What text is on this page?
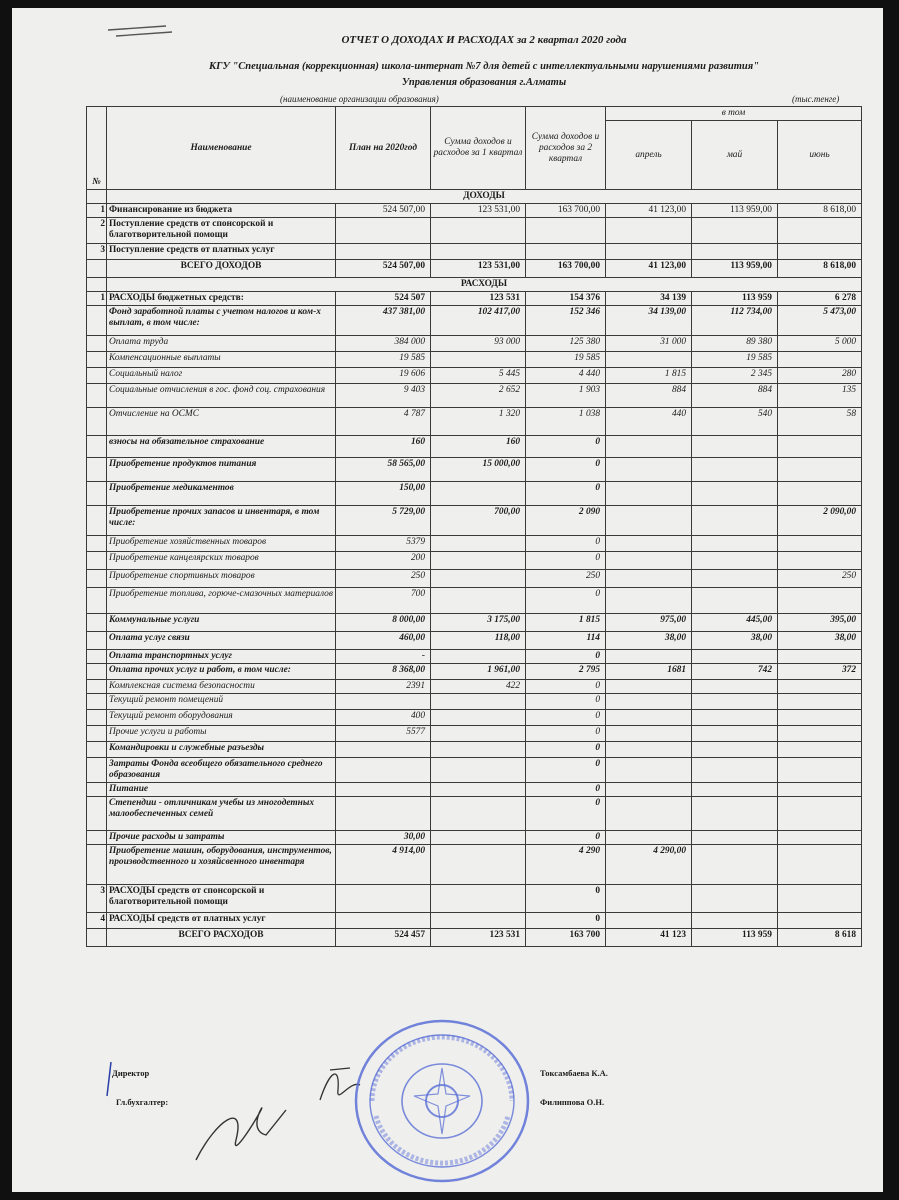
ОТЧЕТ О ДОХОДАХ И РАСХОДАХ за 2 квартал 2020 года
КГУ "Специальная (коррекционная) школа-интернат №7 для детей с интеллектуальными нарушениями развития"
Управления образования г.Алматы
(наименование организации образования)	(тыс.тенге)
№	Наименование	План на 2020год	Сумма доходов и расходов за 1 квартал	Сумма доходов и расходов за 2 квартал	в том		
					апрель	май	июнь
	ДОХОДЫ						
1	Финансирование из бюджета	524 507,00	123 531,00	163 700,00	41 123,00	113 959,00	8 618,00
2	Поступление средств от спонсорской и благотворительной помощи						
3	Поступление средств от платных услуг						
	ВСЕГО ДОХОДОВ	524 507,00	123 531,00	163 700,00	41 123,00	113 959,00	8 618,00
	РАСХОДЫ						
1	РАСХОДЫ бюджетных средств:	524 507	123 531	154 376	34 139	113 959	6 278
	Фонд заработной платы с учетом налогов и ком-х выплат, в том числе:	437 381,00	102 417,00	152 346	34 139,00	112 734,00	5 473,00
	Оплата труда	384 000	93 000	125 380	31 000	89 380	5 000
	Компенсационные выплаты	19 585		19 585		19 585	
	Социальный налог	19 606	5 445	4 440	1 815	2 345	280
	Социальные отчисления в гос. фонд соц. страхования	9 403	2 652	1 903	884	884	135
	Отчисление на ОСМС	4 787	1 320	1 038	440	540	58
	взносы на обязательное страхование	160	160	0			
	Приобретение продуктов питания	58 565,00	15 000,00	0			
	Приобретение медикаментов	150,00		0			
	Приобретение прочих запасов и инвентаря, в том числе:	5 729,00	700,00	2 090			2 090,00
	Приобретение хозяйственных товаров	5379		0			
	Приобретение канцелярских товаров	200		0			
	Приобретение спортивных товаров	250		250			250
	Приобретение топлива, горюче-смазочных материалов	700		0			
	Коммунальные услуги	8 000,00	3 175,00	1 815	975,00	445,00	395,00
	Оплата услуг связи	460,00	118,00	114	38,00	38,00	38,00
	Оплата транспортных услуг	-		0			
	Оплата прочих услуг и работ, в том числе:	8 368,00	1 961,00	2 795	1681	742	372
	Комплексная система безопасности	2391	422	0			
	Текущий ремонт помещений			0			
	Текущий ремонт оборудования	400		0			
	Прочие услуги и работы	5577		0			
	Командировки и служебные разъезды			0			
	Затраты Фонда всеобщего обязательного среднего образования			0			
	Питание			0			
	Степендии - отличникам учебы из многодетных малообеспеченных семей			0			
	Прочие расходы и затраты	30,00		0			
	Приобретение машин, оборудования, инструментов, производственного и хозяйсвенного инвентаря	4 914,00		4 290	4 290,00		
3	РАСХОДЫ средств от спонсорской и благотворительной помощи			0			
4	РАСХОДЫ средств от платных услуг			0			
	ВСЕГО РАСХОДОВ	524 457	123 531	163 700	41 123	113 959	8 618
Директор	Токсамбаева К.А.
Гл.бухгалтер:	Филиппова О.Н.
